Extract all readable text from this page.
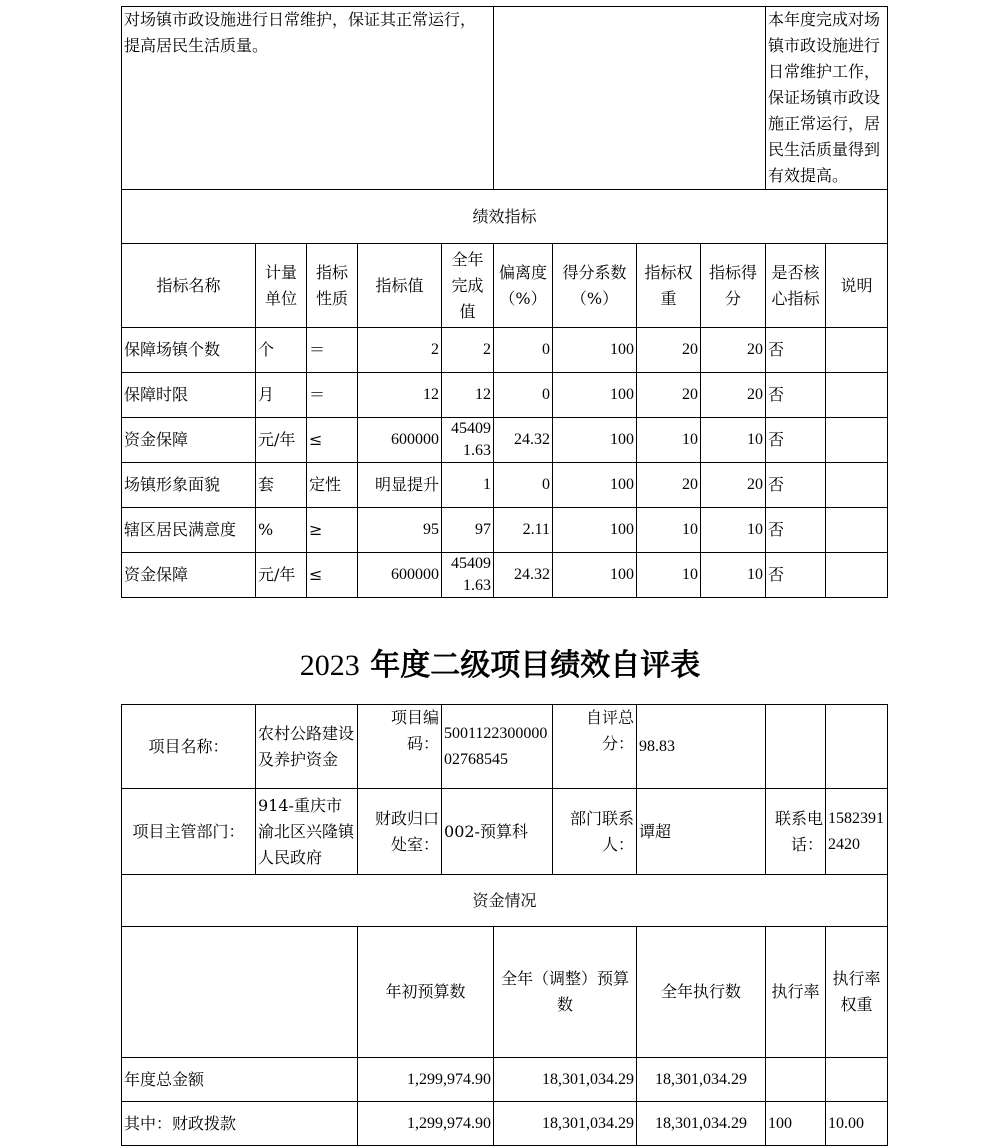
对场镇市政设施进行日常维护，保证其正常运行，提高居民生活质量。									本年度完成对场镇市政设施进行日常维护工作，保证场镇市政设施正常运行，居民生活质量得到有效提高。	
绩效指标										
指标名称	计量单位	指标性质	指标值	全年完成值	偏离度（%）	得分系数（%）	指标权重	指标得分	是否核心指标	说明
保障场镇个数	个	＝	2	2	0	100	20	20	否	
保障时限	月	＝	12	12	0	100	20	20	否	
资金保障	元/年	≤	600000	454091.63	24.32	100	10	10	否	
场镇形象面貌	套	定性	明显提升	1	0	100	20	20	否	
辖区居民满意度	%	≥	95	97	2.11	100	10	10	否	
资金保障	元/年	≤	600000	454091.63	24.32	100	10	10	否	
2023 年度二级项目绩效自评表
项目名称：	农村公路建设及养护资金	项目编码：	500112230000002768545		自评总分：	98.83			
项目主管部门：	914-重庆市渝北区兴隆镇人民政府	财政归口处室：	002-预算科		部门联系人：	谭超	联系电话：	15823912420	
资金情况									
		年初预算数		全年（调整）预算数		全年执行数	执行率	执行率权重	
年度总金额		1,299,974.90		18,301,034.29		18,301,034.29			
其中：财政拨款		1,299,974.90		18,301,034.29		18,301,034.29	100	10.00	
